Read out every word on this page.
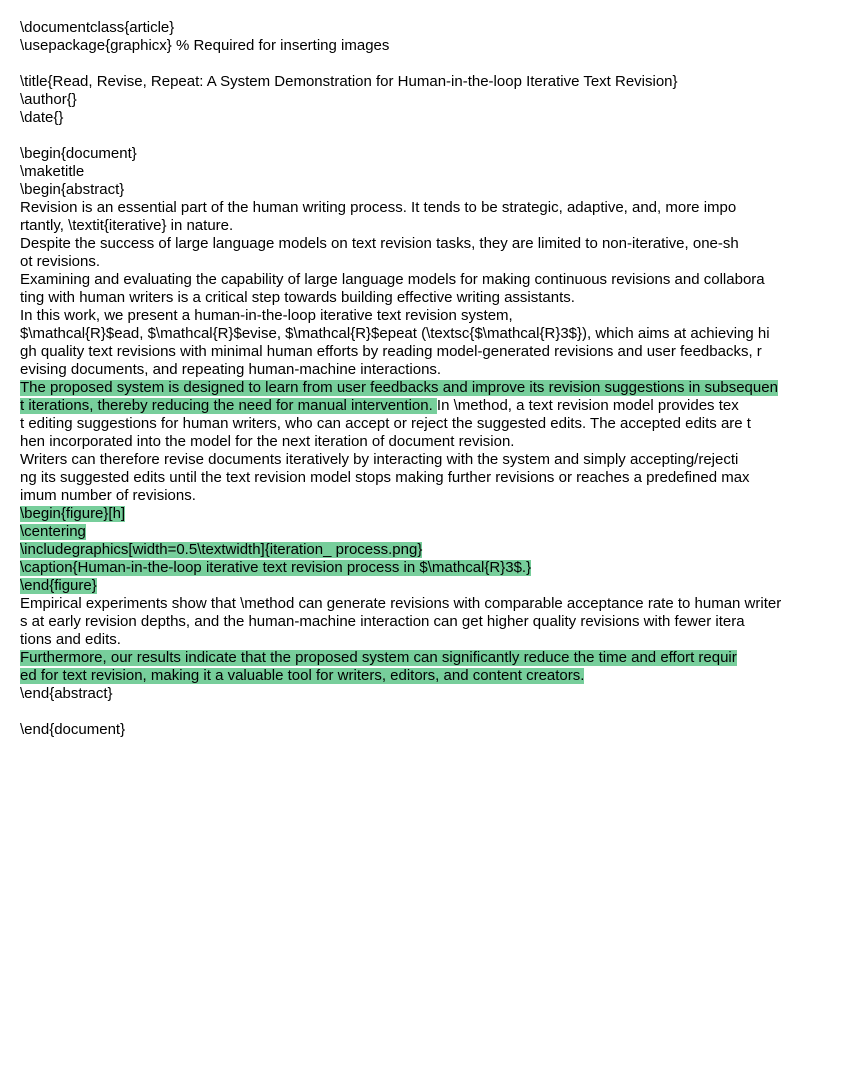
\documentclass{article}
\usepackage{graphicx} % Required for inserting images
\title{Read, Revise, Repeat: A System Demonstration for Human-in-the-loop Iterative Text Revision}
\author{}
\date{}
\begin{document}
\maketitle
\begin{abstract}
Revision is an essential part of the human writing process. It tends to be strategic, adaptive, and, more impo
rtantly, \textit{iterative} in nature.
Despite the success of large language models on text revision tasks, they are limited to non-iterative, one-sh
ot revisions.
Examining and evaluating the capability of large language models for making continuous revisions and collabora
ting with human writers is a critical step towards building effective writing assistants.
In this work, we present a human-in-the-loop iterative text revision system,
$\mathcal{R}$ead, $\mathcal{R}$evise, $\mathcal{R}$epeat (\textsc{$\mathcal{R}3$}), which aims at achieving hi
gh quality text revisions with minimal human efforts by reading model-generated revisions and user feedbacks, r
evising documents, and repeating human-machine interactions.
The proposed system is designed to learn from user feedbacks and improve its revision suggestions in subsequen
t iterations, thereby reducing the need for manual intervention. In \method, a text revision model provides tex
t editing suggestions for human writers, who can accept or reject the suggested edits. The accepted edits are t
hen incorporated into the model for the next iteration of document revision.
Writers can therefore revise documents iteratively by interacting with the system and simply accepting/rejecti
ng its suggested edits until the text revision model stops making further revisions or reaches a predefined max
imum number of revisions.
\begin{figure}[h]
\centering
\includegraphics[width=0.5\textwidth]{iteration_ process.png}
\caption{Human-in-the-loop iterative text revision process in $\mathcal{R}3$.}
\end{figure}
Empirical experiments show that \method can generate revisions with comparable acceptance rate to human writer
s at early revision depths, and the human-machine interaction can get higher quality revisions with fewer itera
tions and edits.
Furthermore, our results indicate that the proposed system can significantly reduce the time and effort requir
ed for text revision, making it a valuable tool for writers, editors, and content creators.
\end{abstract}
\end{document}
